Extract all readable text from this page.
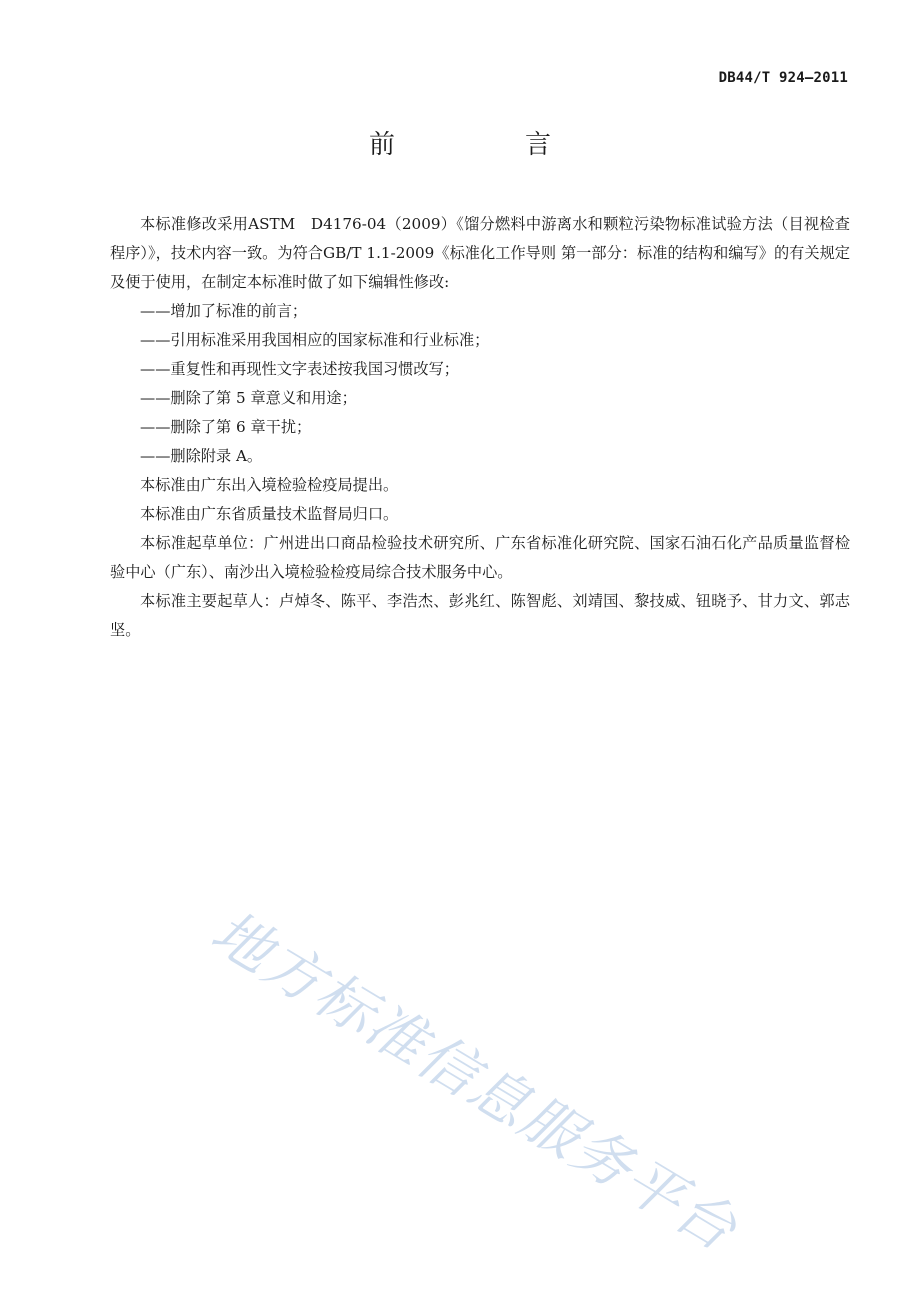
DB44/T 924—2011
前　言

本标准修改采用ASTM　D4176-04（2009）《馏分燃料中游离水和颗粒污染物标准试验方法（目视检查程序）》，技术内容一致。为符合GB/T 1.1-2009《标准化工作导则 第一部分：标准的结构和编写》的有关规定及便于使用，在制定本标准时做了如下编辑性修改:

——增加了标准的前言；

——引用标准采用我国相应的国家标准和行业标准；

——重复性和再现性文字表述按我国习惯改写；

——删除了第 5 章意义和用途；

——删除了第 6 章干扰；

——删除附录 A。

本标准由广东出入境检验检疫局提出。

本标准由广东省质量技术监督局归口。

本标准起草单位：广州进出口商品检验技术研究所、广东省标准化研究院、国家石油石化产品质量监督检验中心（广东）、南沙出入境检验检疫局综合技术服务中心。

本标准主要起草人：卢焯冬、陈平、李浩杰、彭兆红、陈智彪、刘靖国、黎技威、钮晓予、甘力文、郭志坚。

地方标准信息服务平台
